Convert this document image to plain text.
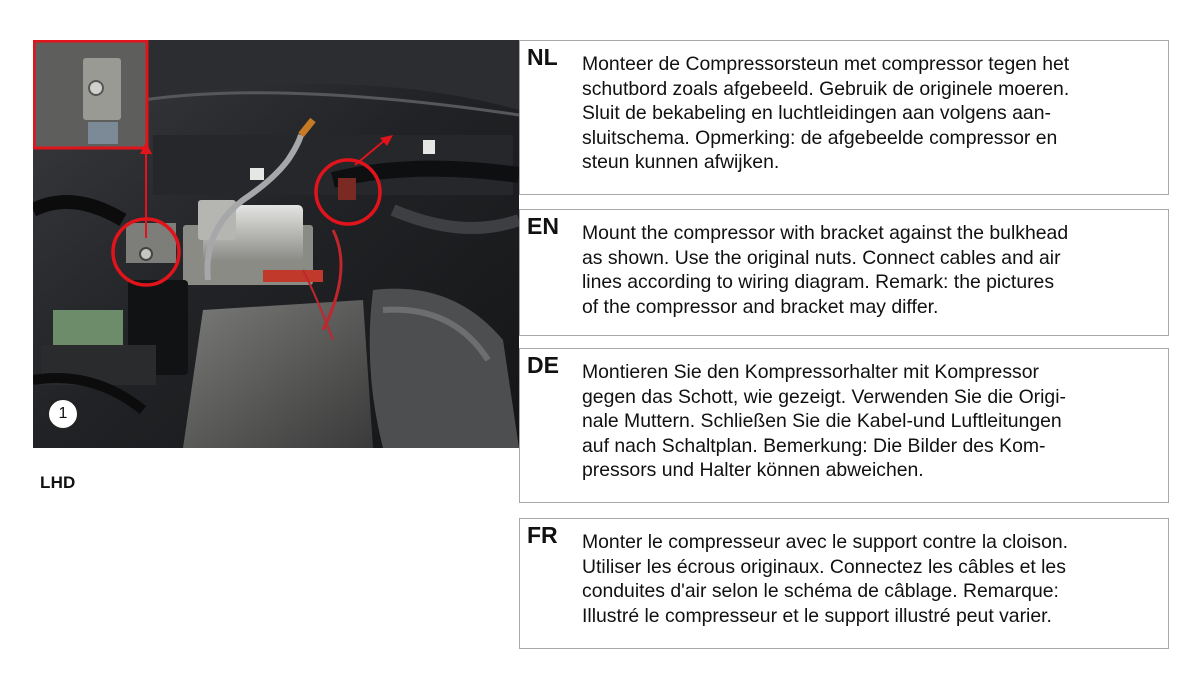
1
LHD
NL Monteer de Compressorsteun met compressor tegen het
schutbord zoals afgebeeld. Gebruik de originele moeren.
Sluit de bekabeling en luchtleidingen aan volgens aan-
sluitschema. Opmerking: de afgebeelde compressor en
steun kunnen afwijken.
EN Mount the compressor with bracket against the bulkhead
as shown. Use the original nuts. Connect cables and air
lines according to wiring diagram. Remark: the pictures
of the compressor and bracket may differ.
DE Montieren Sie den Kompressorhalter mit Kompressor
gegen das Schott, wie gezeigt. Verwenden Sie die Origi-
nale Muttern. Schließen Sie die Kabel-und Luftleitungen
auf nach Schaltplan. Bemerkung: Die Bilder des Kom-
pressors und Halter können abweichen.
FR Monter le compresseur avec le support contre la cloison.
Utiliser les écrous originaux. Connectez les câbles et les
conduites d'air selon le schéma de câblage. Remarque:
Illustré le compresseur et le support illustré peut varier.
